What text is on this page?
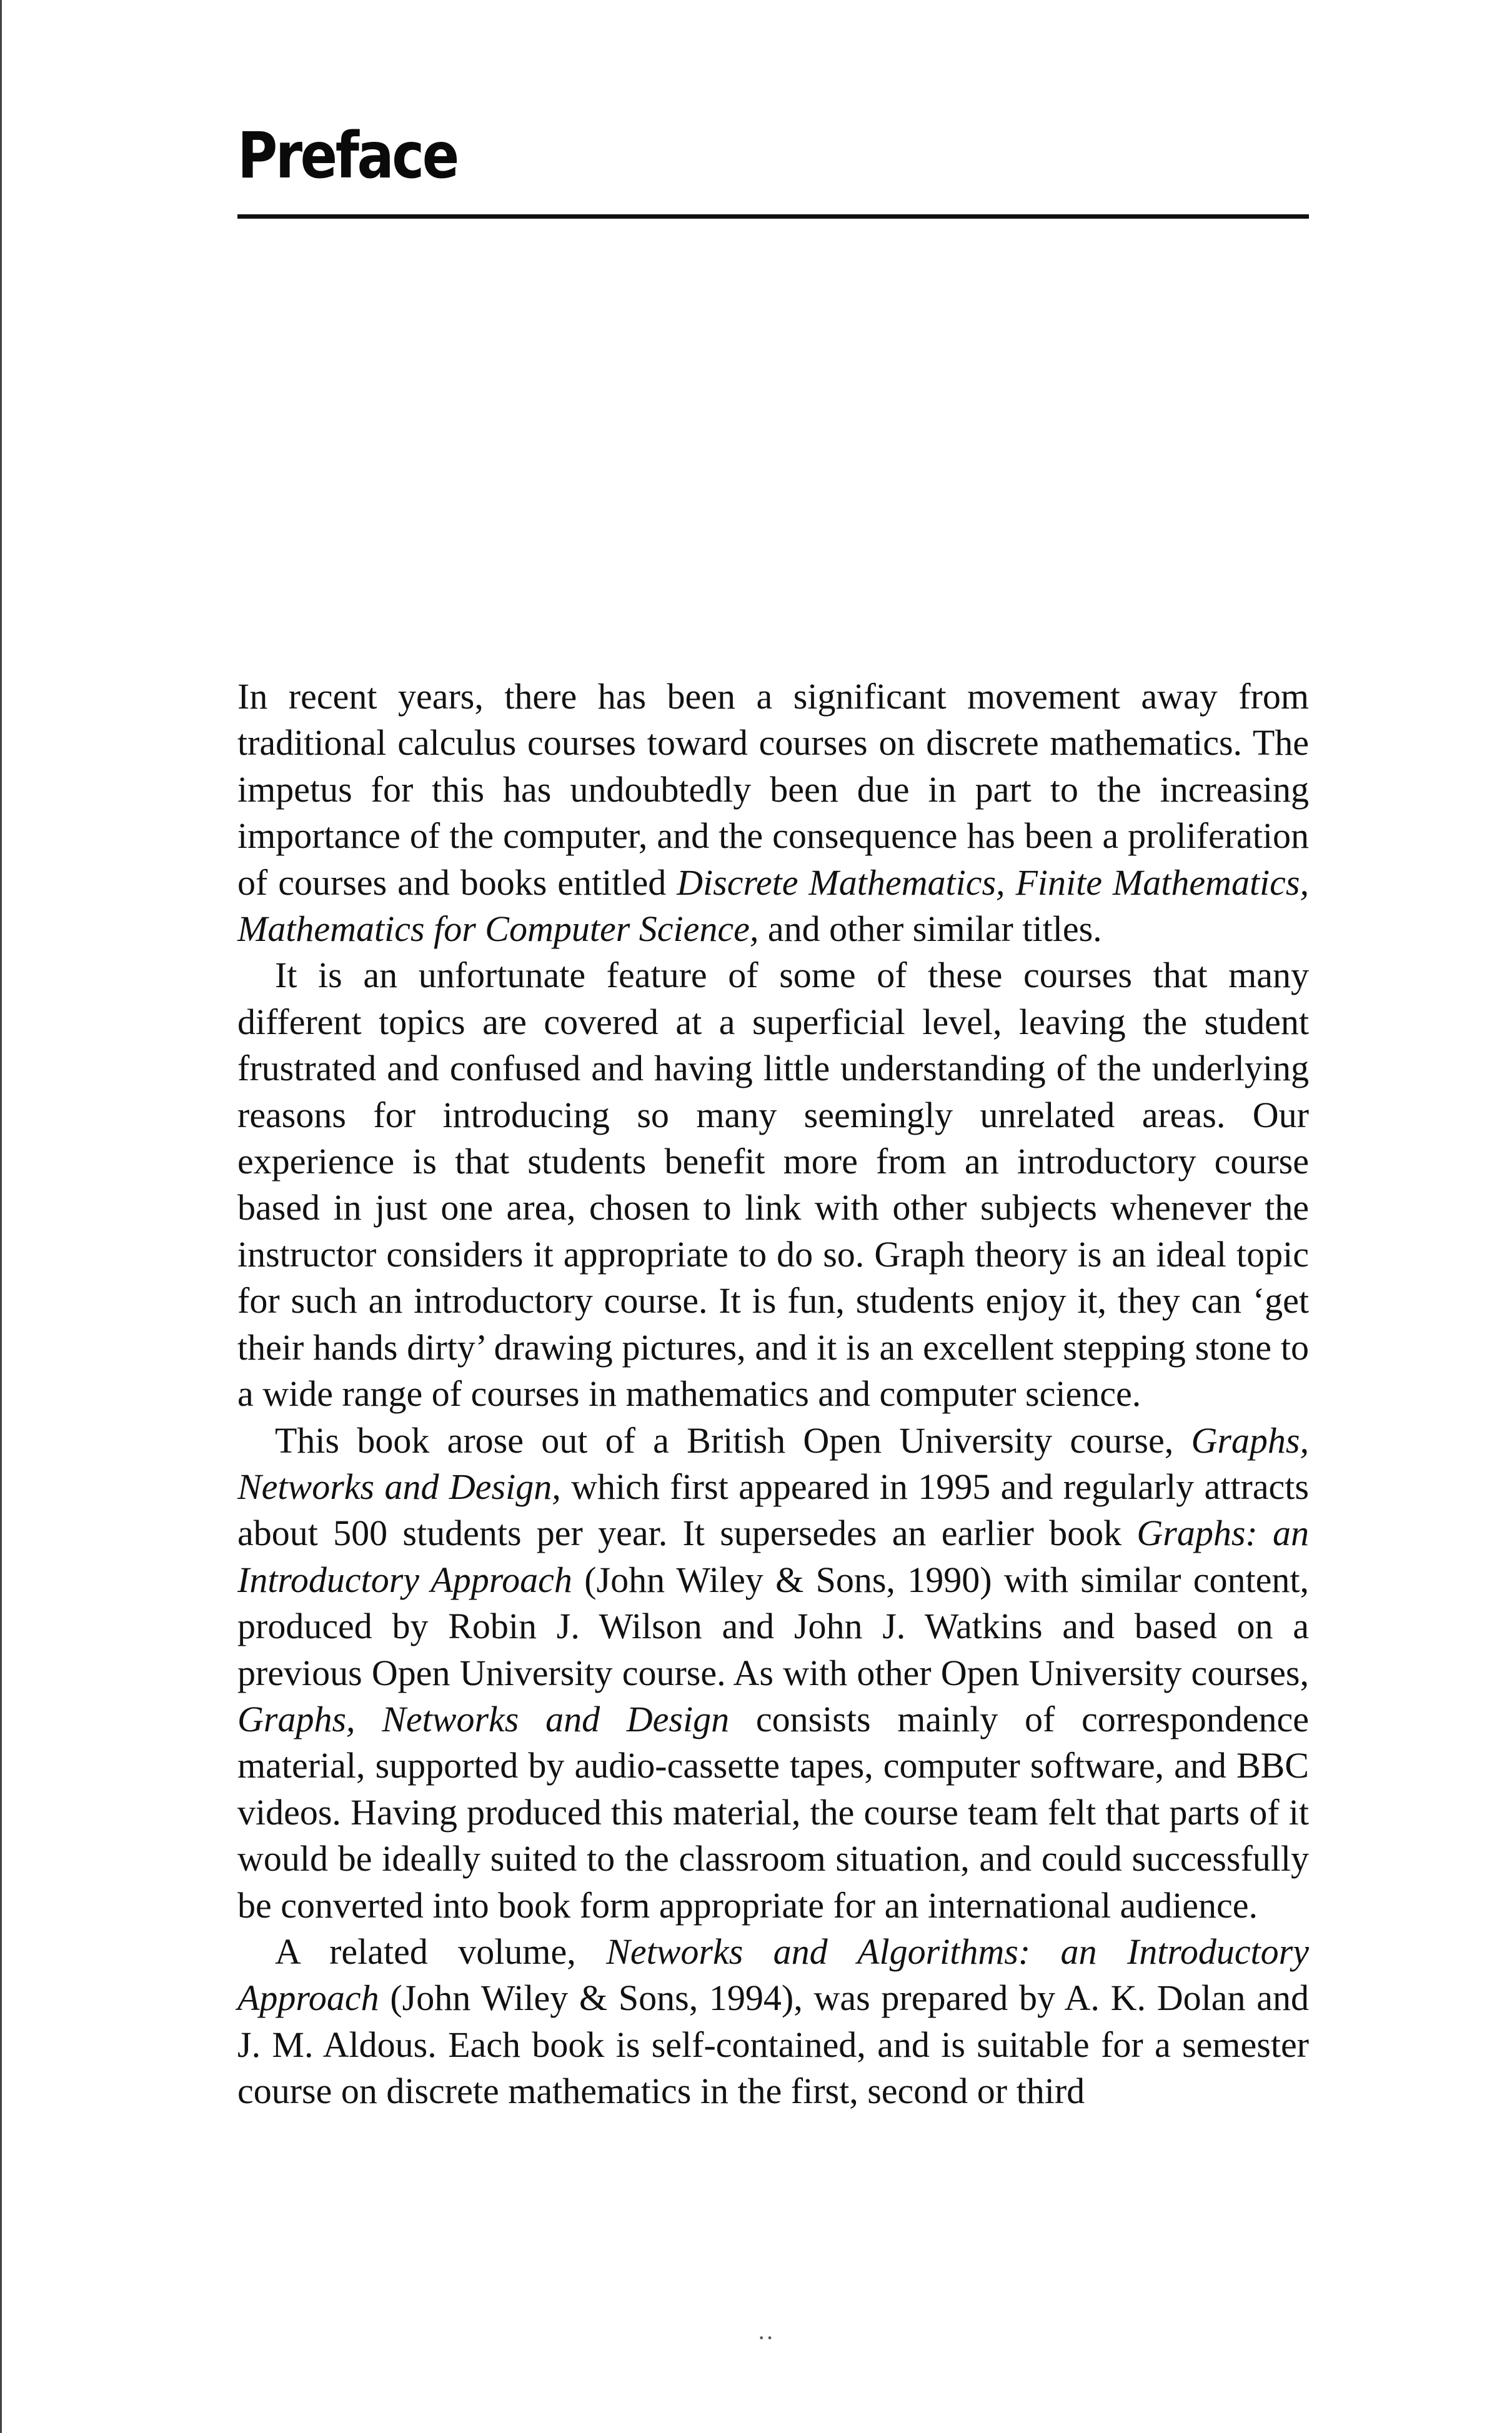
Preface

In recent years, there has been a significant movement away from traditional calculus courses toward courses on discrete mathematics. The impetus for this has undoubtedly been due in part to the increasing importance of the computer, and the consequence has been a proliferation of courses and books entitled Discrete Mathematics, Finite Mathematics, Mathematics for Computer Science, and other similar titles.

It is an unfortunate feature of some of these courses that many different topics are covered at a superficial level, leaving the student frustrated and confused and having little understanding of the underlying reasons for introducing so many seemingly unrelated areas. Our experience is that students benefit more from an introductory course based in just one area, chosen to link with other subjects whenever the instructor considers it appropriate to do so. Graph theory is an ideal topic for such an introductory course. It is fun, students enjoy it, they can ‘get their hands dirty’ drawing pictures, and it is an excellent stepping stone to a wide range of courses in mathematics and computer science.

This book arose out of a British Open University course, Graphs, Networks and Design, which first appeared in 1995 and regularly attracts about 500 students per year. It supersedes an earlier book Graphs: an Introductory Approach (John Wiley & Sons, 1990) with similar content, produced by Robin J. Wilson and John J. Watkins and based on a previous Open University course. As with other Open University courses, Graphs, Networks and Design consists mainly of correspondence material, supported by audio-cassette tapes, computer software, and BBC videos. Having produced this material, the course team felt that parts of it would be ideally suited to the classroom situation, and could successfully be converted into book form appropriate for an international audience.

A related volume, Networks and Algorithms: an Introductory Approach (John Wiley & Sons, 1994), was prepared by A. K. Dolan and J. M. Aldous. Each book is self-contained, and is suitable for a semester course on discrete mathematics in the first, second or third

··
